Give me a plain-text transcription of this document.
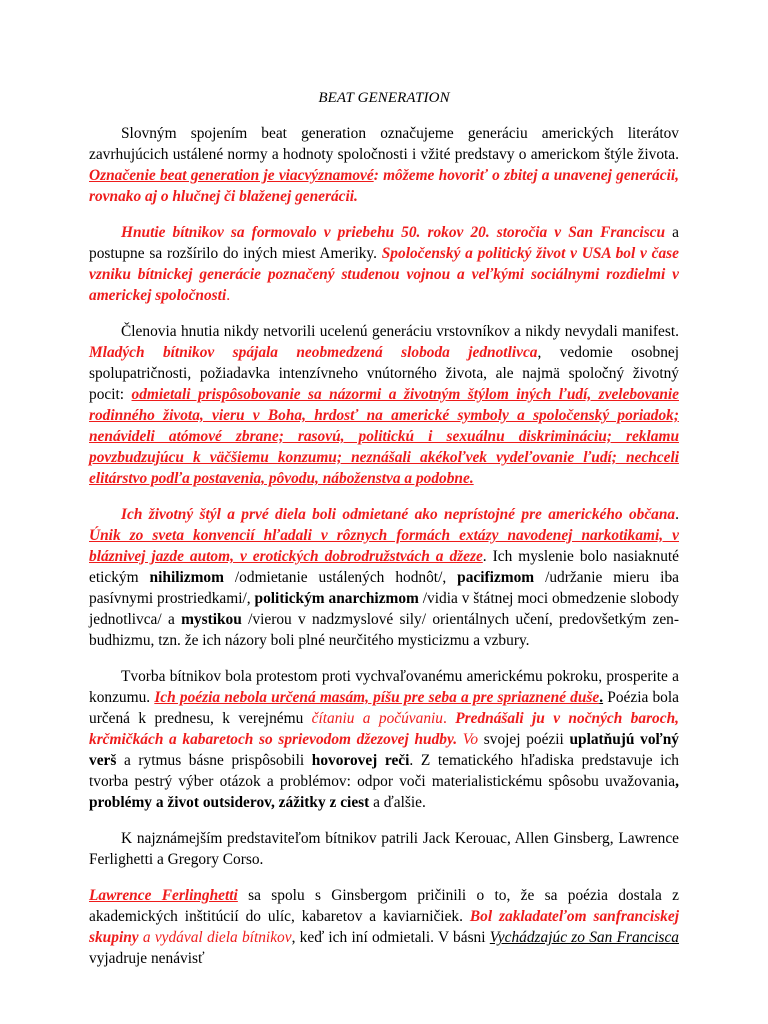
BEAT GENERATION

Slovným spojením beat generation označujeme generáciu amerických literátov zavrhujúcich ustálené normy a hodnoty spoločnosti i vžité predstavy o americkom štýle života. Označenie beat generation je viacvýznamové: môžeme hovoriť o zbitej a unavenej generácii, rovnako aj o hlučnej či blaženej generácii.

Hnutie bítnikov sa formovalo v priebehu 50. rokov 20. storočia v San Franciscu a postupne sa rozšírilo do iných miest Ameriky. Spoločenský a politický život v USA bol v čase vzniku bítnickej generácie poznačený studenou vojnou a veľkými sociálnymi rozdielmi v americkej spoločnosti.

Členovia hnutia nikdy netvorili ucelenú generáciu vrstovníkov a nikdy nevydali manifest. Mladých bítnikov spájala neobmedzená sloboda jednotlivca, vedomie osobnej spolupatričnosti, požiadavka intenzívneho vnútorného života, ale najmä spoločný životný pocit: odmietali prispôsobovanie sa názormi a životným štýlom iných ľudí, zvelebovanie rodinného života, vieru v Boha, hrdosť na americké symboly a spoločenský poriadok; nenávideli atómové zbrane; rasovú, politickú i sexuálnu diskrimináciu; reklamu povzbudzujúcu k väčšiemu konzumu; neznášali akékoľvek vydeľovanie ľudí; nechceli elitárstvo podľa postavenia, pôvodu, náboženstva a podobne.

Ich životný štýl a prvé diela boli odmietané ako neprístojné pre amerického občana. Únik zo sveta konvencií hľadali v rôznych formách extázy navodenej narkotikami, v bláznivej jazde autom, v erotických dobrodružstvách a džeze. Ich myslenie bolo nasiaknuté etickým nihilizmom /odmietanie ustálených hodnôt/, pacifizmom /udržanie mieru iba pasívnymi prostriedkami/, politickým anarchizmom /vidia v štátnej moci obmedzenie slobody jednotlivca/ a mystikou /vierou v nadzmyslové sily/ orientálnych učení, predovšetkým zen-budhizmu, tzn. že ich názory boli plné neurčitého mysticizmu a vzbury.

Tvorba bítnikov bola protestom proti vychvaľovanému americkému pokroku, prosperite a konzumu. Ich poézia nebola určená masám, píšu pre seba a pre spriaznené duše. Poézia bola určená k prednesu, k verejnému čítaniu a počúvaniu. Prednášali ju v nočných baroch, krčmičkách a kabaretoch so sprievodom džezovej hudby. Vo svojej poézii uplatňujú voľný verš a rytmus básne prispôsobili hovorovej reči. Z tematického hľadiska predstavuje ich tvorba pestrý výber otázok a problémov: odpor voči materialistickému spôsobu uvažovania, problémy a život outsiderov, zážitky z ciest a ďalšie.

K najznámejším predstaviteľom bítnikov patrili Jack Kerouac, Allen Ginsberg, Lawrence Ferlighetti a Gregory Corso.

Lawrence Ferlinghetti sa spolu s Ginsbergom pričinili o to, že sa poézia dostala z akademických inštitúcií do ulíc, kabaretov a kaviarničiek. Bol zakladateľom sanfranciskej skupiny a vydával diela bítnikov, keď ich iní odmietali. V básni Vychádzajúc zo San Francisca vyjadruje nenávisť
